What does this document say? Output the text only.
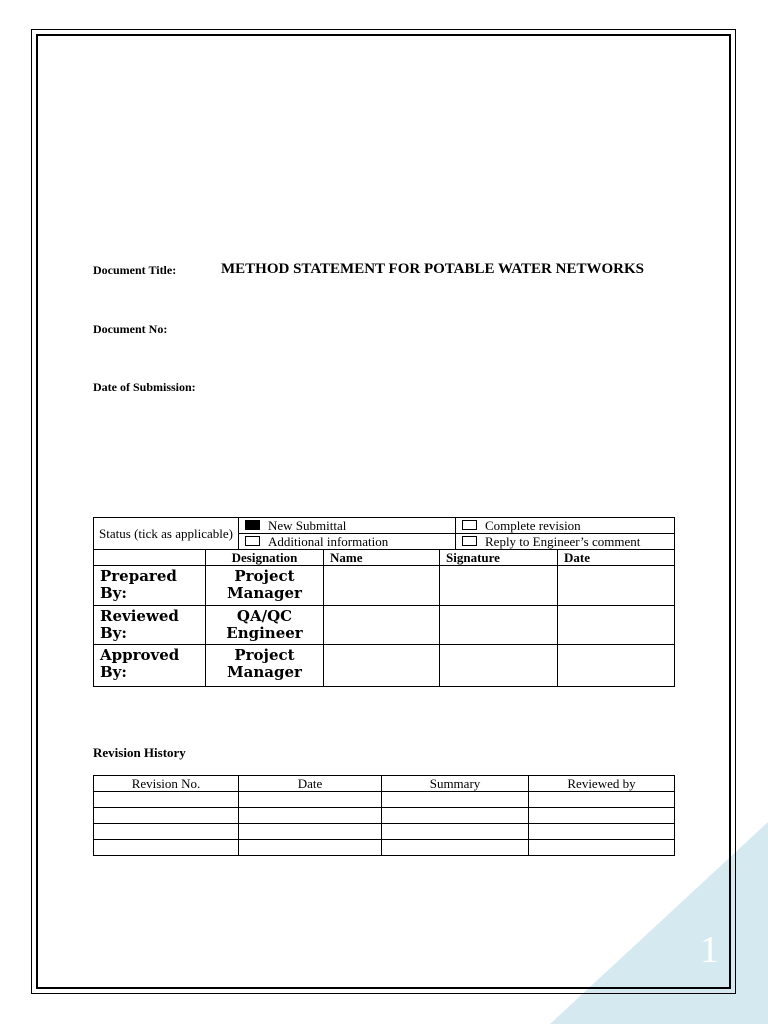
1
Document Title:	METHOD STATEMENT FOR POTABLE WATER NETWORKS
Document No:
Date of Submission:
Status (tick as applicable)	New Submittal	Complete revision
	Additional information	Reply to Engineer’s comment
	Designation	Name	Signature	Date
Prepared By:	Project Manager			
Reviewed By:	QA/QC Engineer			
Approved By:	Project Manager			
Revision History
Revision No.	Date	Summary	Reviewed by
